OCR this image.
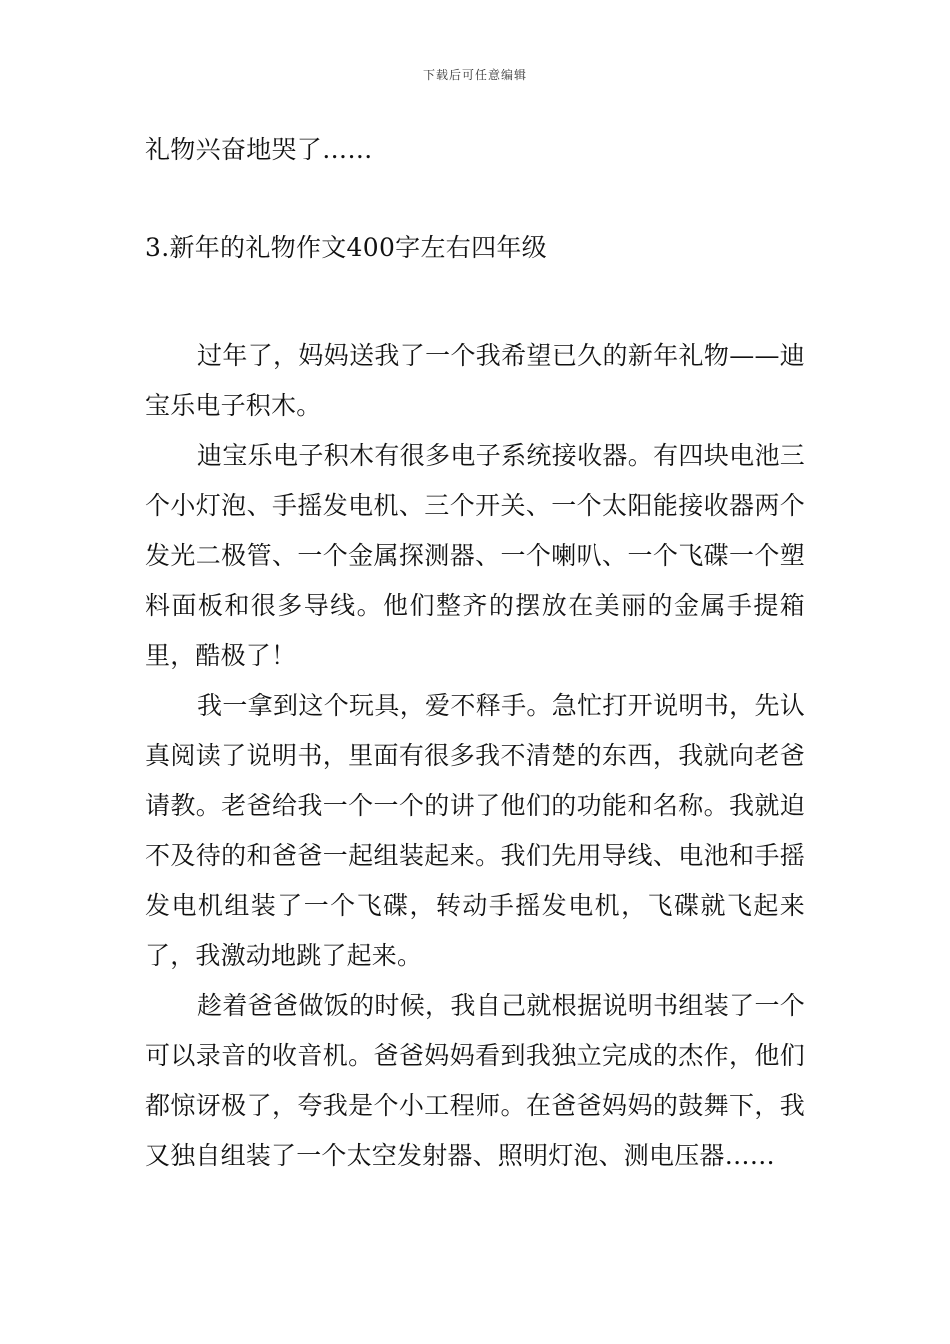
下载后可任意编辑
礼物兴奋地哭了……
3.新年的礼物作文400字左右四年级

过年了，妈妈送我了一个我希望已久的新年礼物——迪宝乐电子积木。

迪宝乐电子积木有很多电子系统接收器。有四块电池三个小灯泡、手摇发电机、三个开关、一个太阳能接收器两个发光二极管、一个金属探测器、一个喇叭、一个飞碟一个塑料面板和很多导线。他们整齐的摆放在美丽的金属手提箱里，酷极了！

我一拿到这个玩具，爱不释手。急忙打开说明书，先认真阅读了说明书，里面有很多我不清楚的东西，我就向老爸请教。老爸给我一个一个的讲了他们的功能和名称。我就迫不及待的和爸爸一起组装起来。我们先用导线、电池和手摇发电机组装了一个飞碟，转动手摇发电机，飞碟就飞起来了，我激动地跳了起来。

趁着爸爸做饭的时候，我自己就根据说明书组装了一个可以录音的收音机。爸爸妈妈看到我独立完成的杰作，他们都惊讶极了，夸我是个小工程师。在爸爸妈妈的鼓舞下，我又独自组装了一个太空发射器、照明灯泡、测电压器……
